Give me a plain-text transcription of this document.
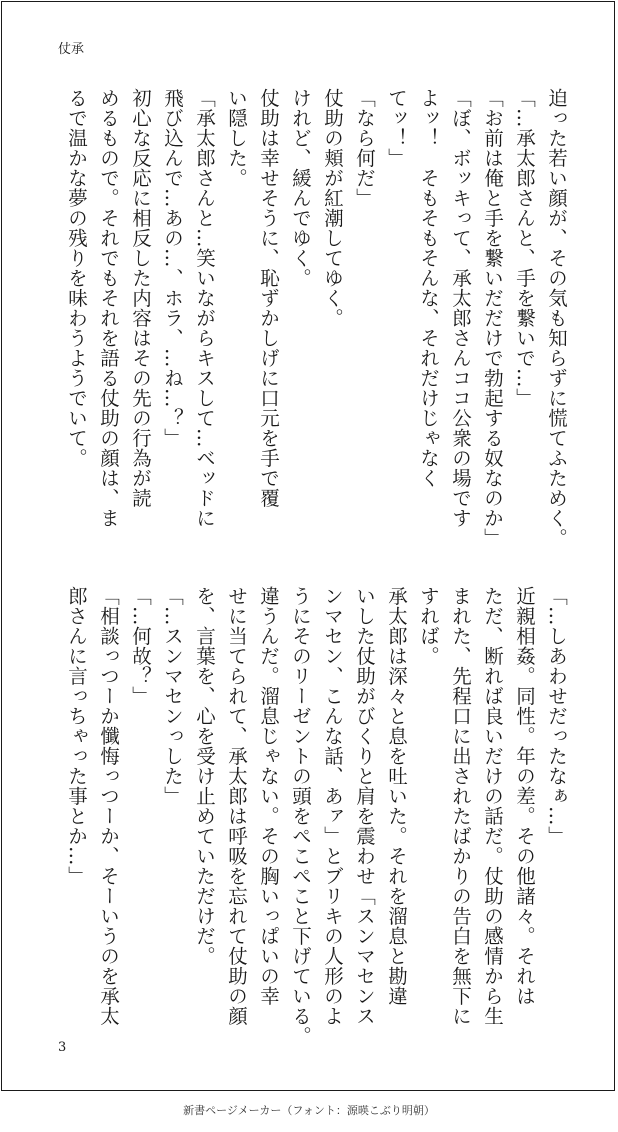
仗承

迫った若い顔が、その気も知らずに慌てふためく。

「…承太郎さんと、手を繋いで…」

「お前は俺と手を繋いだだけで勃起する奴なのか」

「ぼ、ボッキって、承太郎さんココ公衆の場です

よッ！　そもそもそんな、それだけじゃなく

てッ！」

「なら何だ」

仗助の頬が紅潮してゆく。

けれど、緩んでゆく。

仗助は幸せそうに、恥ずかしげに口元を手で覆

い隠した。

「承太郎さんと…笑いながらキスして…ベッドに

飛び込んで…あの…、ホラ、…ね…？」

初心な反応に相反した内容はその先の行為が読

めるもので。それでもそれを語る仗助の顔は、ま

るで温かな夢の残りを味わうようでいて。

「…しあわせだったなぁ…」

近親相姦。同性。年の差。その他諸々。それは

ただ、断れば良いだけの話だ。仗助の感情から生

まれた、先程口に出されたばかりの告白を無下に

すれば。

承太郎は深々と息を吐いた。それを溜息と勘違

いした仗助がびくりと肩を震わせ「スンマセンス

ンマセン、こんな話、あァ」とブリキの人形のよ

うにそのリーゼントの頭をぺこぺこと下げている。

違うんだ。溜息じゃない。その胸いっぱいの幸

せに当てられて、承太郎は呼吸を忘れて仗助の顔

を、言葉を、心を受け止めていただけだ。

「…スンマセンっした」

「…何故？」

「相談っつーか懺悔っつーか、そーいうのを承太

郎さんに言っちゃった事とか…」

3
新書ページメーカー（フォント：源暎こぶり明朝）
